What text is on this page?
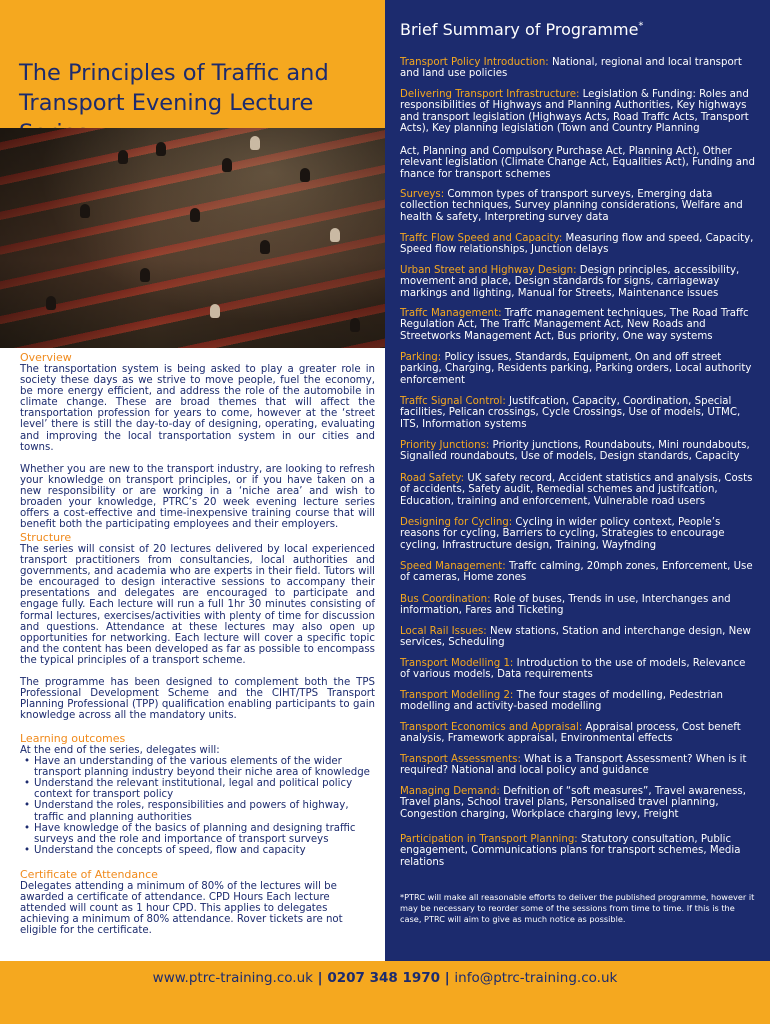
The Principles of Traffic and Transport Evening Lecture
Overview

The transportation system is being asked to play a greater role in society these days as we strive to move people, fuel the economy, be more energy efficient, and address the role of the automobile in climate change. These are broad themes that will affect the transportation profession for years to come, however at the ‘street level’ there is still the day-to-day of designing, operating, evaluating and improving the local transportation system in our cities and towns.

Whether you are new to the transport industry, are looking to refresh your knowledge on transport principles, or if you have taken on a new responsibility or are working in a ‘niche area’ and wish to broaden your knowledge, PTRC’s 20 week evening lecture series offers a cost-effective and time-inexpensive training course that will benefit both the participating employees and their employers.

Structure

The series will consist of 20 lectures delivered by local experienced transport practitioners from consultancies, local authorities and governments, and academia who are experts in their field. Tutors will be encouraged to design interactive sessions to accompany their presentations and delegates are encouraged to participate and engage fully. Each lecture will run a full 1hr 30 minutes consisting of formal lectures, exercises/activities with plenty of time for discussion and questions. Attendance at these lectures may also open up opportunities for networking. Each lecture will cover a specific topic and the content has been developed as far as possible to encompass the typical principles of a transport scheme.

The programme has been designed to complement both the TPS Professional Development Scheme and the CIHT/TPS Transport Planning Professional (TPP) qualification enabling participants to gain knowledge across all the mandatory units.

Learning outcomes

At the end of the series, delegates will:

• Have an understanding of the various elements of the wider transport planning industry beyond their niche area of knowledge
• Understand the relevant institutional, legal and political policy context for transport policy
• Understand the roles, responsibilities and powers of highway, traffic and planning authorities
• Have knowledge of the basics of planning and designing traffic surveys and the role and importance of transport surveys
• Understand the concepts of speed, flow and capacity
Certificate of Attendance

Delegates attending a minimum of 80% of the lectures will be awarded a certificate of attendance. CPD Hours Each lecture attended will count as 1 hour CPD. This applies to delegates achieving a minimum of 80% attendance. Rover tickets are not eligible for the certificate.

Brief Summary of Programme*
Transport Policy Introduction: National, regional and local transport and land use policies
Delivering Transport Infrastructure: Legislation & Funding: Roles and responsibilities of Highways and Planning Authorities, Key highways and transport legislation (Highways Acts, Road Traffc Acts, Transport Acts), Key planning legislation (Town and Country Planning
Act, Planning and Compulsory Purchase Act, Planning Act), Other relevant legislation (Climate Change Act, Equalities Act), Funding and fnance for transport schemes
Surveys: Common types of transport surveys, Emerging data collection techniques, Survey planning considerations, Welfare and health & safety, Interpreting survey data
Traffc Flow Speed and Capacity: Measuring flow and speed, Capacity, Speed flow relationships, Junction delays
Urban Street and Highway Design: Design principles, accessibility, movement and place, Design standards for signs, carriageway markings and lighting, Manual for Streets, Maintenance issues
Traffc Management: Traffc management techniques, The Road Traffc Regulation Act, The Traffc Management Act, New Roads and Streetworks Management Act, Bus priority, One way systems
Parking: Policy issues, Standards, Equipment, On and off street parking, Charging, Residents parking, Parking orders, Local authority enforcement
Traffc Signal Control: Justifcation, Capacity, Coordination, Special facilities, Pelican crossings, Cycle Crossings, Use of models, UTMC, ITS, Information systems
Priority Junctions: Priority junctions, Roundabouts, Mini roundabouts, Signalled roundabouts, Use of models, Design standards, Capacity
Road Safety: UK safety record, Accident statistics and analysis, Costs of accidents, Safety audit, Remedial schemes and justifcation, Education, training and enforcement, Vulnerable road users
Designing for Cycling: Cycling in wider policy context, People’s reasons for cycling, Barriers to cycling, Strategies to encourage cycling, Infrastructure design, Training, Wayfnding
Speed Management: Traffc calming, 20mph zones, Enforcement, Use of cameras, Home zones
Bus Coordination: Role of buses, Trends in use, Interchanges and information, Fares and Ticketing
Local Rail Issues: New stations, Station and interchange design, New services, Scheduling
Transport Modelling 1: Introduction to the use of models, Relevance of various models, Data requirements
Transport Modelling 2: The four stages of modelling, Pedestrian modelling and activity-based modelling
Transport Economics and Appraisal: Appraisal process, Cost beneft analysis, Framework appraisal, Environmental effects
Transport Assessments: What is a Transport Assessment? When is it required? National and local policy and guidance
Managing Demand: Defnition of “soft measures”, Travel awareness, Travel plans, School travel plans, Personalised travel planning, Congestion charging, Workplace charging levy, Freight
Participation in Transport Planning: Statutory consultation, Public engagement, Communications plans for transport schemes, Media relations
*PTRC will make all reasonable efforts to deliver the published programme, however it may be necessary to reorder some of the sessions from time to time. If this is the case, PTRC will aim to give as much notice as possible.
www.ptrc-training.co.uk | 0207 348 1970 | info@ptrc-training.co.uk
